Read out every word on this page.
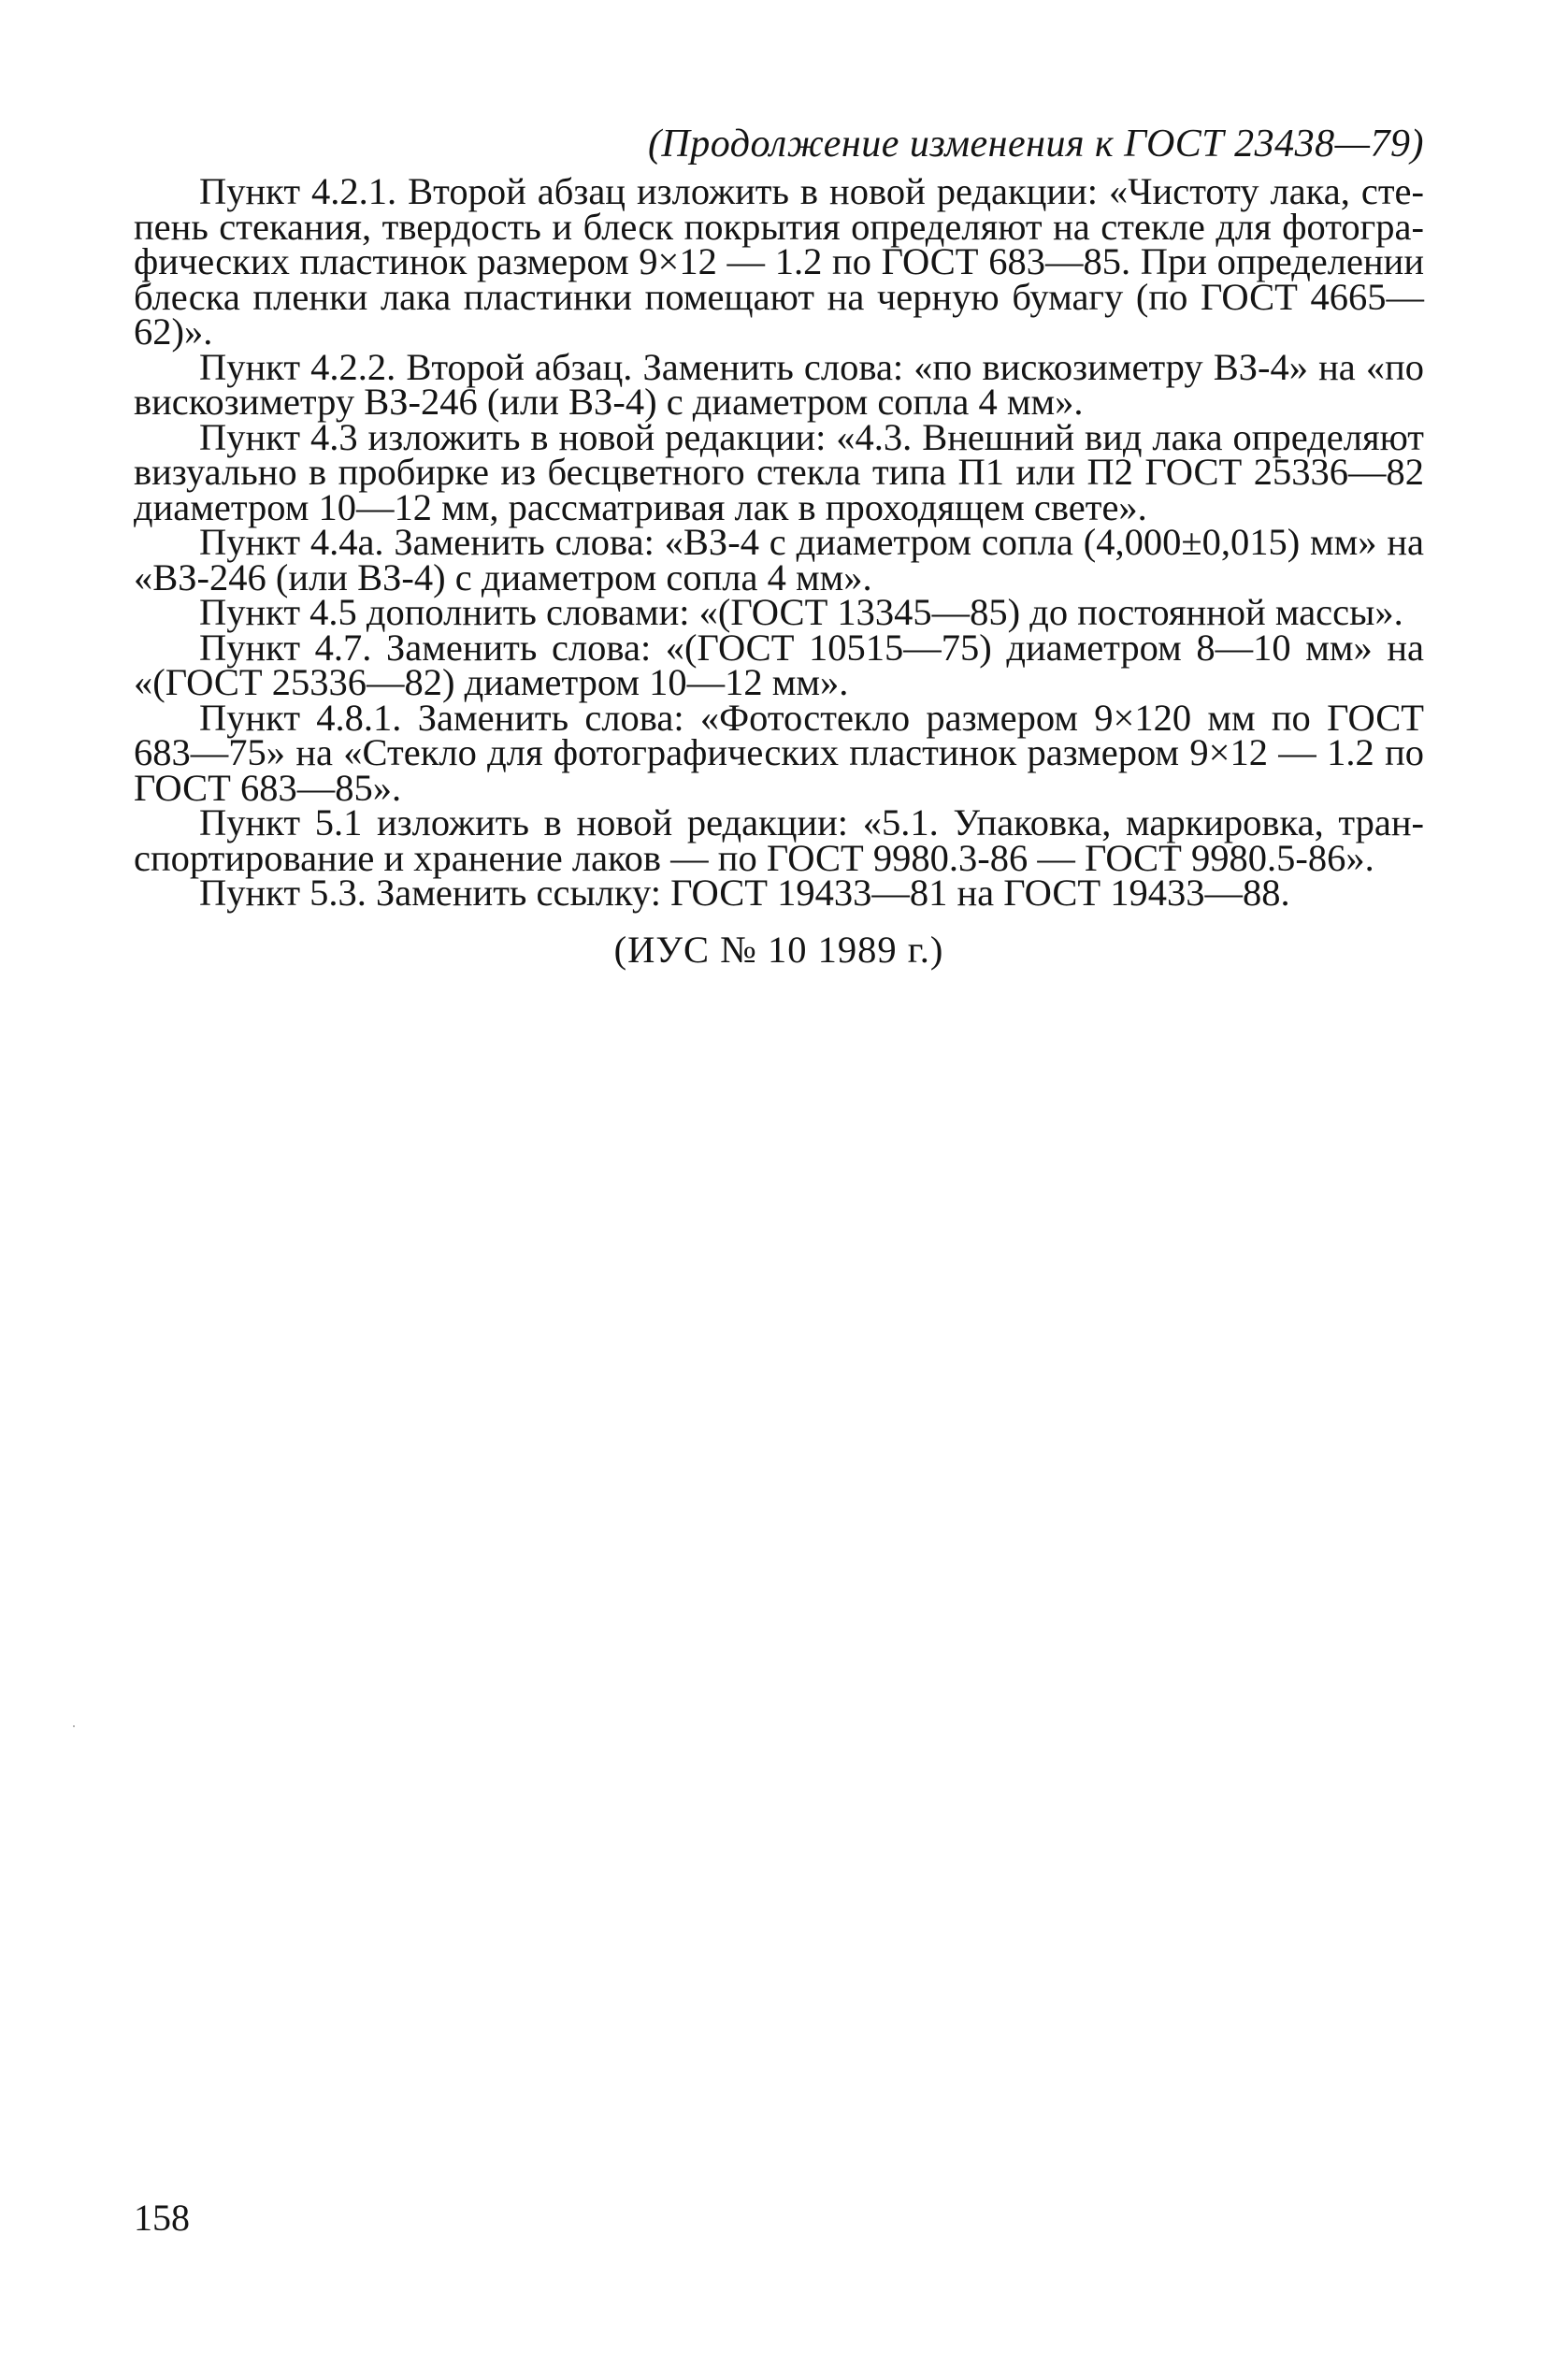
(Продолжение изменения к ГОСТ 23438—79)

Пункт 4.2.1. Второй абзац изложить в новой редакции: «Чистоту лака, степень стекания, твердость и блеск покрытия определяют на стекле для фотографических пластинок размером 9×12 — 1.2 по ГОСТ 683—85. При определении блеска пленки лака пластинки помещают на черную бумагу (по ГОСТ 4665—62)».

Пункт 4.2.2. Второй абзац. Заменить слова: «по вискозиметру ВЗ-4» на «по вискозиметру ВЗ-246 (или ВЗ-4) с диаметром сопла 4 мм».

Пункт 4.3 изложить в новой редакции: «4.3. Внешний вид лака определяют визуально в пробирке из бесцветного стекла типа П1 или П2 ГОСТ 25336—82 диаметром 10—12 мм, рассматривая лак в проходящем свете».

Пункт 4.4а. Заменить слова: «ВЗ-4 с диаметром сопла (4,000±0,015) мм» на «ВЗ-246 (или ВЗ-4) с диаметром сопла 4 мм».

Пункт 4.5 дополнить словами: «(ГОСТ 13345—85) до постоянной массы».

Пункт 4.7. Заменить слова: «(ГОСТ 10515—75) диаметром 8—10 мм» на «(ГОСТ 25336—82) диаметром 10—12 мм».

Пункт 4.8.1. Заменить слова: «Фотостекло размером 9×120 мм по ГОСТ 683—75» на «Стекло для фотографических пластинок размером 9×12 — 1.2 по ГОСТ 683—85».

Пункт 5.1 изложить в новой редакции: «5.1. Упаковка, маркировка, транспортирование и хранение лаков — по ГОСТ 9980.3-86 — ГОСТ 9980.5-86».

Пункт 5.3. Заменить ссылку: ГОСТ 19433—81 на ГОСТ 19433—88.

(ИУС № 10 1989 г.)

158
